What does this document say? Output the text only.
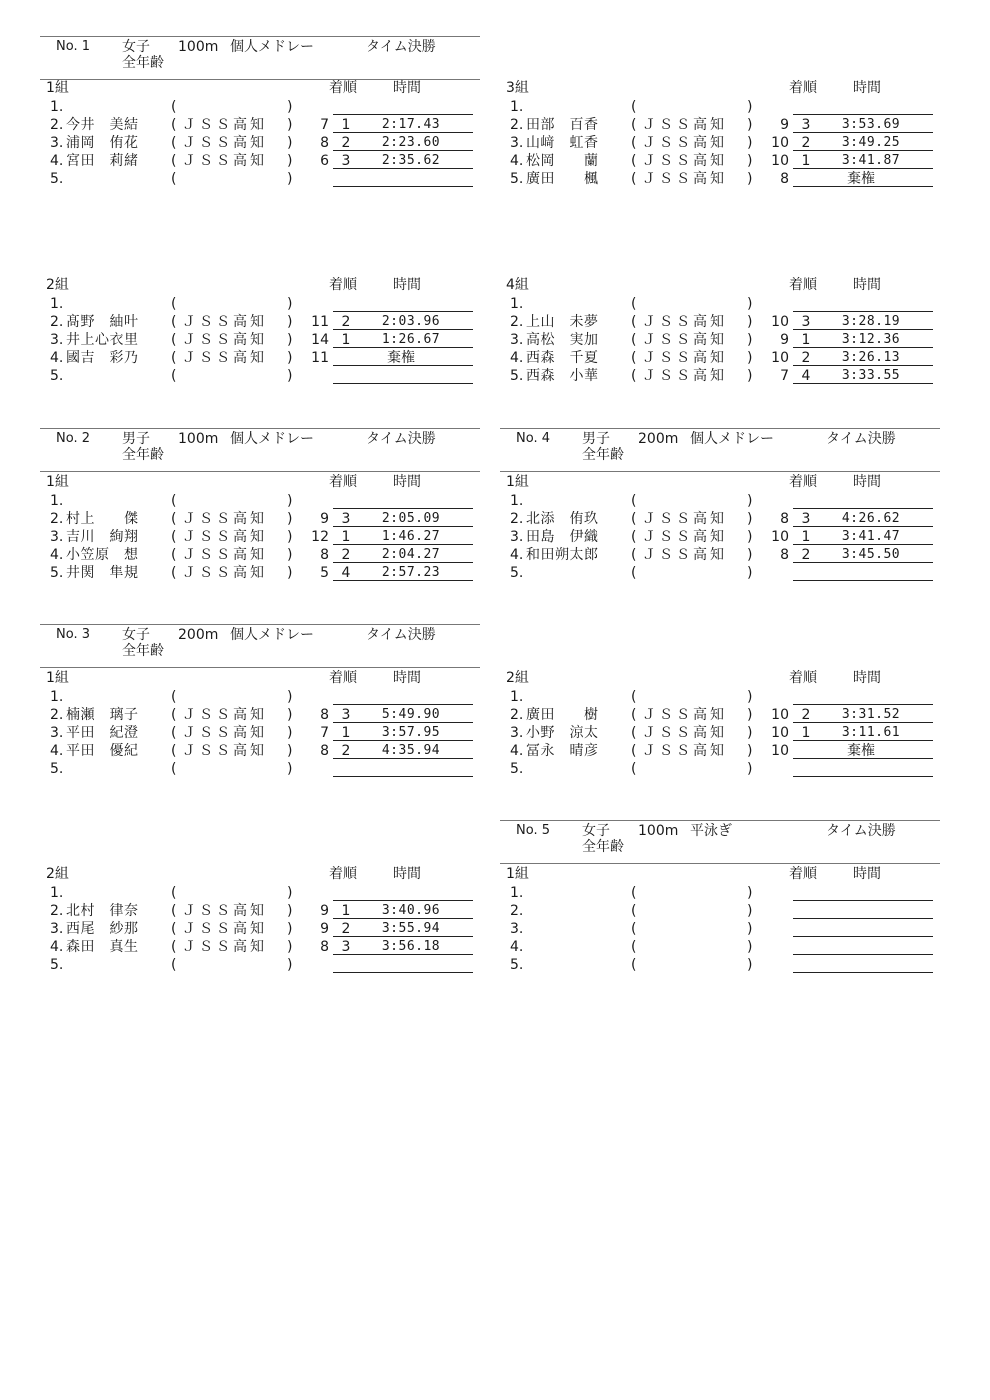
No. 1 女子
全年齢
100m 個人メドレー	タイム決勝
No. 2 男子
全年齢
100m 個人メドレー	タイム決勝	No. 4 男子
全年齢
200m 個人メドレー	タイム決勝
No. 3 女子
全年齢
200m 個人メドレー	タイム決勝
No. 5 女子
全年齢
100m 平泳ぎ	タイム決勝
1組	着順	時間
1.	(	)
2. 今井　美結 ( ＪＳＳ高知 )	7 1	2:17.43
3. 浦岡　侑花 ( ＪＳＳ高知 )	8 2	2:23.60
4. 宮田　莉緒 ( ＪＳＳ高知 )	6 3	2:35.62
5.	(	)
3組	着順	時間
1.	(	)
2. 田部　百香 ( ＪＳＳ高知 )	9 3	3:53.69
3. 山﨑　虹香 ( ＪＳＳ高知 )	10 2	3:49.25
4. 松岡　　蘭 ( ＪＳＳ高知 )	10 1	3:41.87
5. 廣田　　楓 ( ＪＳＳ高知 )	8	棄権
2組	着順	時間
1.	(	)
2. 髙野　紬叶 ( ＪＳＳ高知 )	11 2	2:03.96
3. 井上心衣里 ( ＪＳＳ高知 )	14 1	1:26.67
4. 國吉　彩乃 ( ＪＳＳ高知 )	11	棄権
5.	(	)
4組	着順	時間
1.	(	)
2. 上山　未夢 ( ＪＳＳ高知 )	10 3	3:28.19
3. 高松　実加 ( ＪＳＳ高知 )	9 1	3:12.36
4. 西森　千夏 ( ＪＳＳ高知 )	10 2	3:26.13
5. 西森　小華 ( ＪＳＳ高知 )	7 4	3:33.55
1組	着順	時間
1.	(	)
2. 村上　　傑 ( ＪＳＳ高知 )	9 3	2:05.09
3. 吉川　絢翔 ( ＪＳＳ高知 )	12 1	1:46.27
4. 小笠原　想 ( ＪＳＳ高知 )	8 2	2:04.27
5. 井関　隼規 ( ＪＳＳ高知 )	5 4	2:57.23
1組	着順	時間
1.	(	)
2. 北添　侑玖 ( ＪＳＳ高知 )	8 3	4:26.62
3. 田島　伊織 ( ＪＳＳ高知 )	10 1	3:41.47
4. 和田朔太郎 ( ＪＳＳ高知 )	8 2	3:45.50
5.	(	)
1組	着順	時間
1.	(	)
2. 楠瀬　璃子 ( ＪＳＳ高知 )	8 3	5:49.90
3. 平田　紀澄 ( ＪＳＳ高知 )	7 1	3:57.95
4. 平田　優紀 ( ＪＳＳ高知 )	8 2	4:35.94
5.	(	)
2組	着順	時間
1.	(	)
2. 廣田　　樹 ( ＪＳＳ高知 )	10 2	3:31.52
3. 小野　涼太 ( ＪＳＳ高知 )	10 1	3:11.61
4. 冨永　晴彦 ( ＪＳＳ高知 )	10	棄権
5.	(	)
2組	着順	時間
1.	(	)
2. 北村　律奈 ( ＪＳＳ高知 )	9 1	3:40.96
3. 西尾　紗那 ( ＪＳＳ高知 )	9 2	3:55.94
4. 森田　真生 ( ＪＳＳ高知 )	8 3	3:56.18
5.	(	)
1組	着順	時間
1.	(	)
2.	(	)
3.	(	)
4.	(	)
5.	(	)
